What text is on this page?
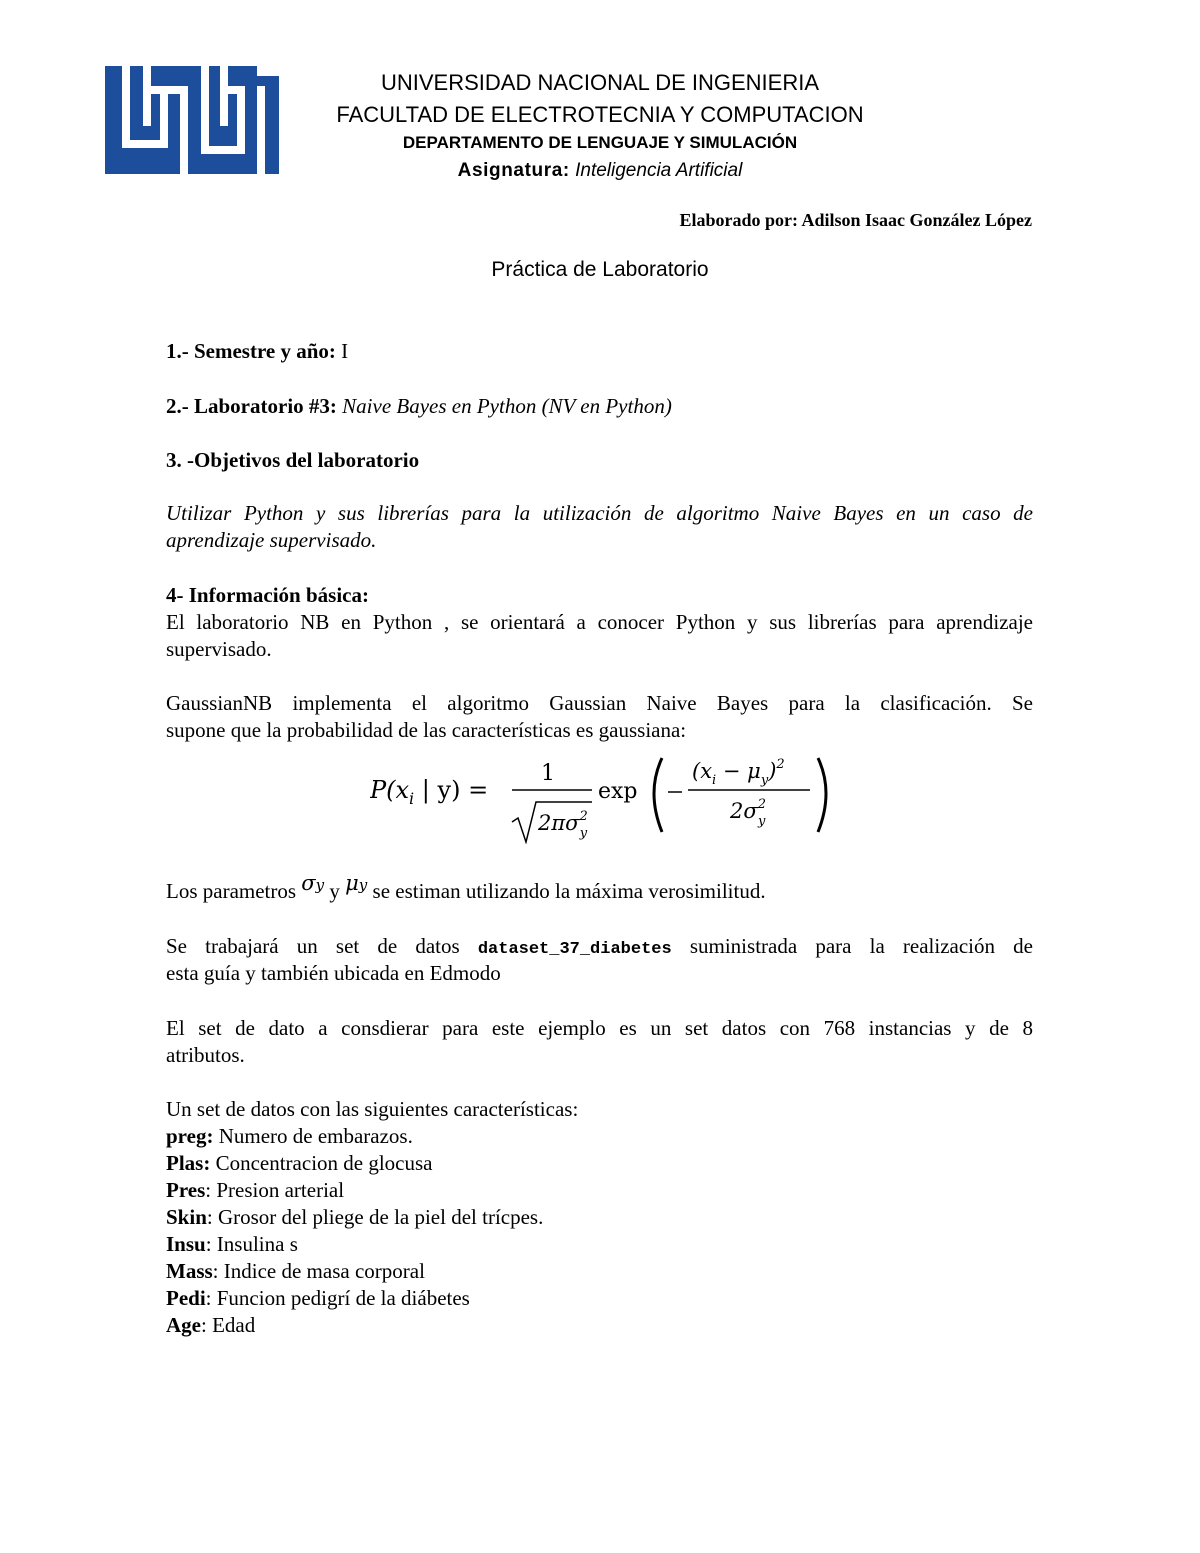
UNIVERSIDAD NACIONAL DE INGENIERIA
FACULTAD DE ELECTROTECNIA Y COMPUTACION
DEPARTAMENTO DE LENGUAJE Y SIMULACIÓN
Asignatura: Inteligencia Artificial
Elaborado por: Adilson Isaac González López
Práctica de Laboratorio
1.- Semestre y año: I
2.- Laboratorio #3: Naive Bayes en Python (NV en Python)
3. -Objetivos del laboratorio
Utilizar Python y sus librerías para la utilización de algoritmo Naive Bayes en un caso de
aprendizaje supervisado.
4- Información básica:
El laboratorio NB en Python , se orientará a conocer Python y sus librerías para aprendizaje
supervisado.
GaussianNB implementa el algoritmo Gaussian Naive Bayes para la clasificación. Se
supone que la probabilidad de las características es gaussiana:
$P(x_i$ | y) =
1
$2\pi\sigma^2$ y
exp
$(x_i - \mu_y)^2$
$2\sigma^2$ y
Los parametros σy y μy se estiman utilizando la máxima verosimilitud.
Se trabajará un set de datos dataset_37_diabetes suministrada para la realización de
esta guía y también ubicada en Edmodo
El set de dato a consdierar para este ejemplo es un set datos con 768 instancias y de 8
atributos.
Un set de datos con las siguientes características:
preg: Numero de embarazos.
Plas: Concentracion de glocusa
Pres: Presion arterial
Skin: Grosor del pliege de la piel del trícpes.
Insu: Insulina s
Mass: Indice de masa corporal
Pedi: Funcion pedigrí de la diábetes
Age: Edad
